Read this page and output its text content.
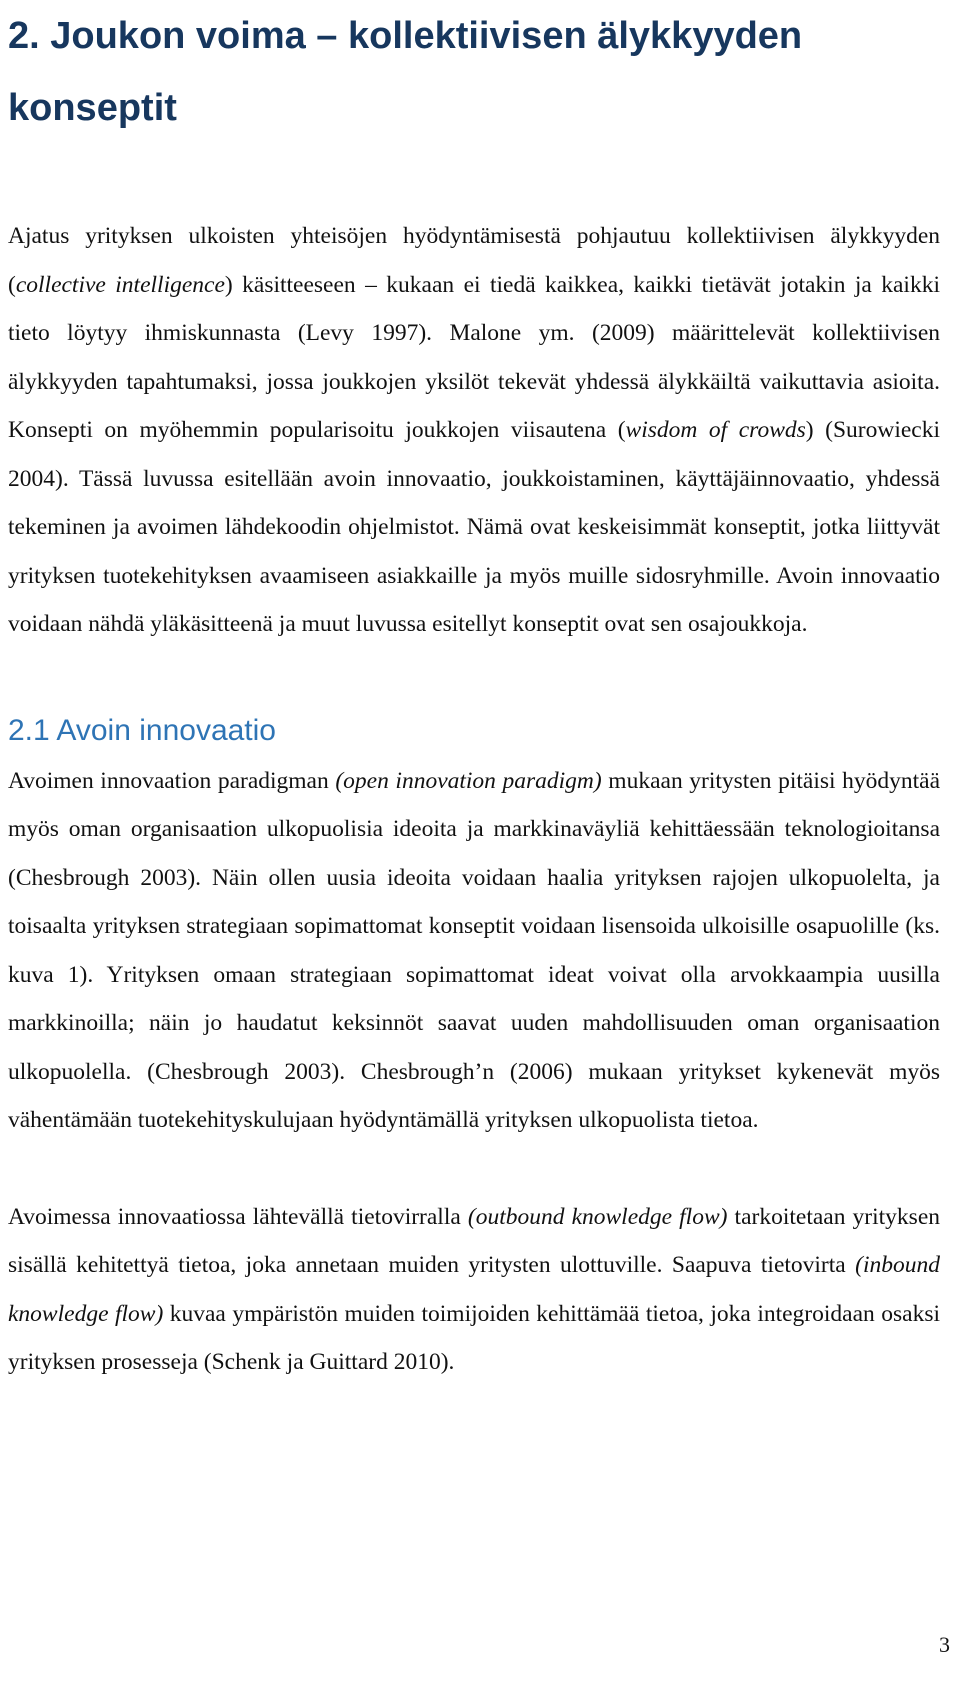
2. Joukon voima – kollektiivisen älykkyyden konseptit

Ajatus yrityksen ulkoisten yhteisöjen hyödyntämisestä pohjautuu kollektiivisen älykkyyden (collective intelligence) käsitteeseen – kukaan ei tiedä kaikkea, kaikki tietävät jotakin ja kaikki tieto löytyy ihmiskunnasta (Levy 1997). Malone ym. (2009) määrittelevät kollektiivisen älykkyyden tapahtumaksi, jossa joukkojen yksilöt tekevät yhdessä älykkäiltä vaikuttavia asioita. Konsepti on myöhemmin popularisoitu joukkojen viisautena (wisdom of crowds) (Surowiecki 2004). Tässä luvussa esitellään avoin innovaatio, joukkoistaminen, käyttäjäinnovaatio, yhdessä tekeminen ja avoimen lähdekoodin ohjelmistot. Nämä ovat keskeisimmät konseptit, jotka liittyvät yrityksen tuotekehityksen avaamiseen asiakkaille ja myös muille sidosryhmille. Avoin innovaatio voidaan nähdä yläkäsitteenä ja muut luvussa esitellyt konseptit ovat sen osajoukkoja.

2.1 Avoin innovaatio

Avoimen innovaation paradigman (open innovation paradigm) mukaan yritysten pitäisi hyödyntää myös oman organisaation ulkopuolisia ideoita ja markkinaväyliä kehittäessään teknologioitansa (Chesbrough 2003). Näin ollen uusia ideoita voidaan haalia yrityksen rajojen ulkopuolelta, ja toisaalta yrityksen strategiaan sopimattomat konseptit voidaan lisensoida ulkoisille osapuolille (ks. kuva 1). Yrityksen omaan strategiaan sopimattomat ideat voivat olla arvokkaampia uusilla markkinoilla; näin jo haudatut keksinnöt saavat uuden mahdollisuuden oman organisaation ulkopuolella. (Chesbrough 2003). Chesbrough’n (2006) mukaan yritykset kykenevät myös vähentämään tuotekehityskulujaan hyödyntämällä yrityksen ulkopuolista tietoa.

Avoimessa innovaatiossa lähtevällä tietovirralla (outbound knowledge flow) tarkoitetaan yrityksen sisällä kehitettyä tietoa, joka annetaan muiden yritysten ulottuville. Saapuva tietovirta (inbound knowledge flow) kuvaa ympäristön muiden toimijoiden kehittämää tietoa, joka integroidaan osaksi yrityksen prosesseja (Schenk ja Guittard 2010).

3
